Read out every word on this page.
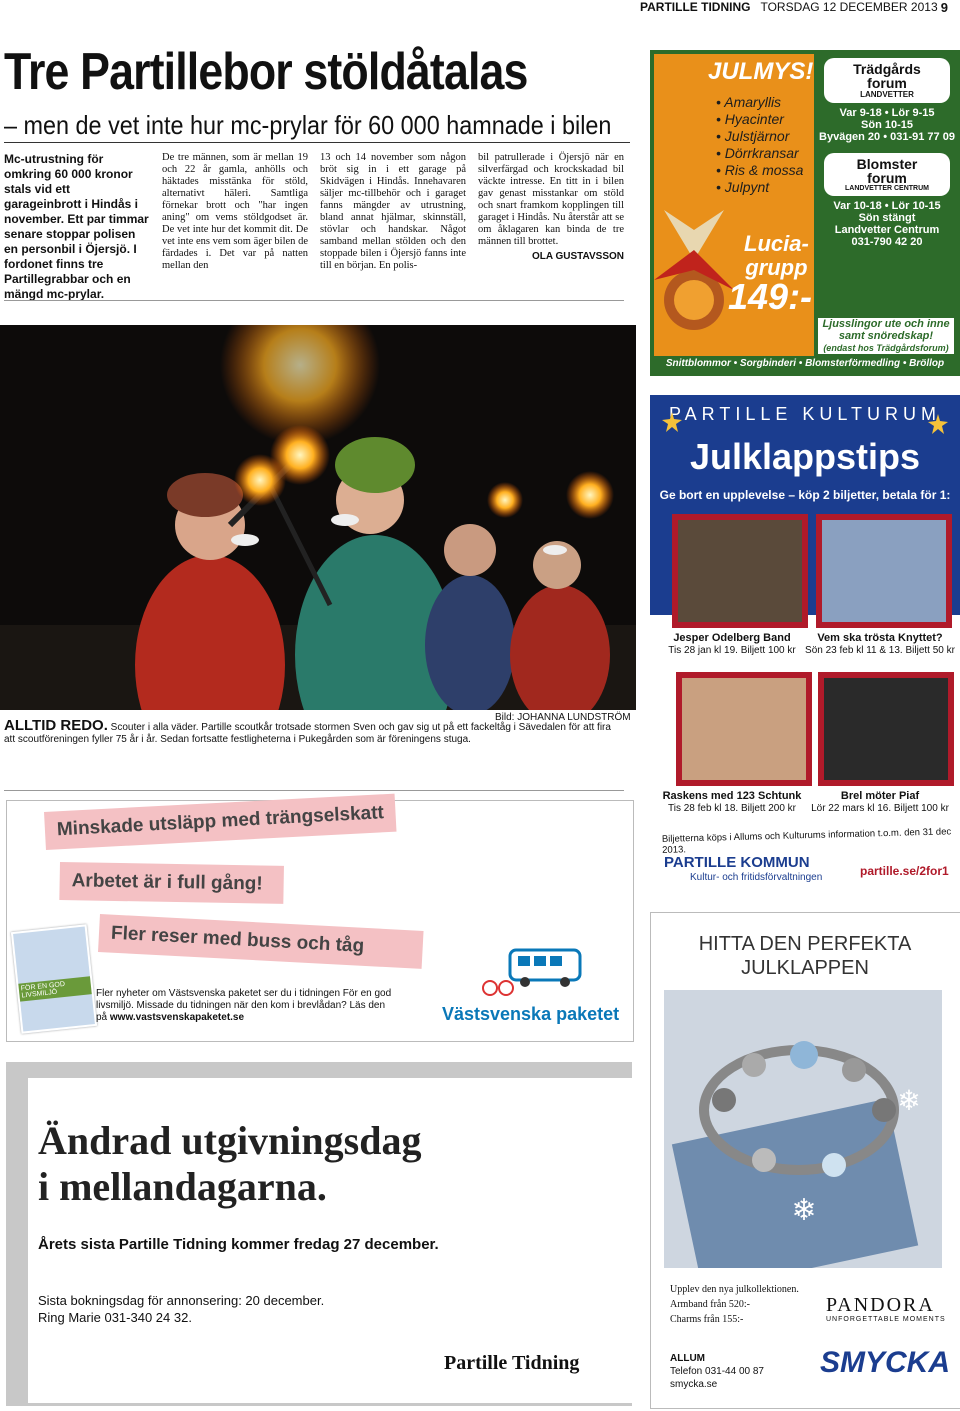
PARTILLE TIDNING TORSDAG 12 DECEMBER 2013 9
Tre Partillebor stöldåtalas
– men de vet inte hur mc-prylar för 60 000 hamnade i bilen
Mc-utrustning för omkring 60 000 kronor stals vid ett garageinbrott i Hindås i november. Ett par timmar senare stoppar polisen en personbil i Öjersjö. I fordonet finns tre Partillegrabbar och en mängd mc-prylar.
De tre männen, som är mellan 19 och 22 år gamla, anhölls och häktades misstänka för stöld, alternativt häleri. Samtliga förnekar brott och "har ingen aning" om vems stöldgodset är. De vet inte hur det kommit dit. De vet inte ens vem som äger bilen de färdades i. Det var på natten mellan den
13 och 14 november som någon bröt sig in i ett garage på Skidvägen i Hindås. Innehavaren säljer mc-tillbehör och i garaget fanns mängder av utrustning, bland annat hjälmar, skinnställ, stövlar och handskar. Något samband mellan stölden och den stoppade bilen i Öjersjö fanns inte till en början. En polis-
bil patrullerade i Öjersjö när en silverfärgad och krockskadad bil väckte intresse. En titt in i bilen gav genast misstankar om stöld och snart framkom kopplingen till garaget i Hindås. Nu återstår att se om åklagaren kan binda de tre männen till brottet.
OLA GUSTAVSSON
Bild: JOHANNA LUNDSTRÖM
ALLTID REDO. Scouter i alla väder. Partille scoutkår trotsade stormen Sven och gav sig ut på ett fackeltåg i Sävedalen för att fira att scoutföreningen fyller 75 år i år. Sedan fortsatte festligheterna i Pukegården som är föreningens stuga.
Minskade utsläpp med trängselskatt
Arbetet är i full gång!
Fler reser med buss och tåg
FÖR EN GOD LIVSMILJÖ	Fler nyheter om Västsvenska paketet ser du i tidningen För en god livsmiljö. Missade du tidningen när den kom i brevlådan? Läs den på www.vastsvenskapaketet.se	Västsvenska paketet
Ändrad utgivningsdag
i mellandagarna.
Årets sista Partille Tidning kommer fredag 27 december.
Sista bokningsdag för annonsering: 20 december.
Ring Marie 031-340 24 32.
Partille Tidning
JULMYS!
• Amaryllis
• Hyacinter
• Julstjärnor
• Dörrkransar
• Ris & mossa
• Julpynt
Lucia-
grupp
149:-
Trädgårds
forum
LANDVETTER
Var 9-18 • Lör 9-15
Sön 10-15
Byvägen 20 • 031-91 77 09
Blomster
forum
LANDVETTER CENTRUM
Var 10-18 • Lör 10-15
Sön stängt
Landvetter Centrum
031-790 42 20
Ljusslingor ute och inne
samt snöredskap!
(endast hos Trädgårdsforum)
Snittblommor • Sorgbinderi • Blomsterförmedling • Bröllop
PARTILLE KULTURUM
Julklappstips
Ge bort en upplevelse – köp 2 biljetter, betala för 1:
Jesper Odelberg Band
Tis 28 jan kl 19. Biljett 100 kr
Vem ska trösta Knyttet?
Sön 23 feb kl 11 & 13. Biljett 50 kr
Raskens med 123 Schtunk
Tis 28 feb kl 18. Biljett 200 kr
Brel möter Piaf
Lör 22 mars kl 16. Biljett 100 kr
Biljetterna köps i Allums och Kulturums information t.o.m. den 31 dec 2013.
PARTILLE KOMMUN
Kultur- och fritidsförvaltningen	partille.se/2for1
HITTA DEN PERFEKTA
JULKLAPPEN
❄
❄
Upplev den nya julkollektionen.
Armband från 520:-
Charms från 155:-
PANDORA
UNFORGETTABLE MOMENTS
ALLUM
Telefon 031-44 00 87
smycka.se
SMYCKA
